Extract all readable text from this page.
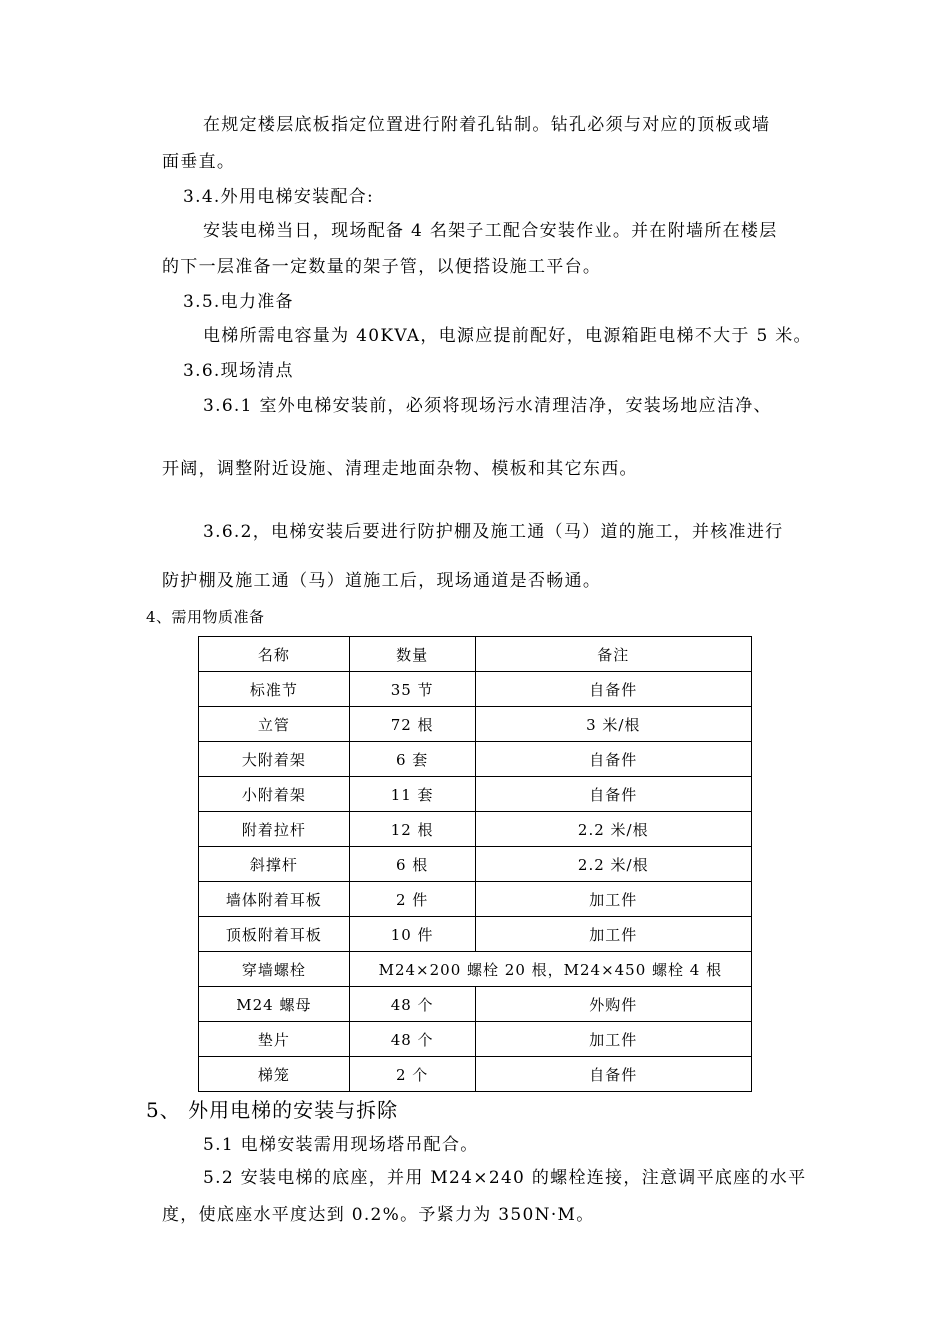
在规定楼层底板指定位置进行附着孔钻制。钻孔必须与对应的顶板或墙
面垂直。
3.4.外用电梯安装配合:
安装电梯当日，现场配备 4 名架子工配合安装作业。并在附墙所在楼层
的下一层准备一定数量的架子管，以便搭设施工平台。
3.5.电力准备
电梯所需电容量为 40KVA，电源应提前配好，电源箱距电梯不大于 5 米。
3.6.现场清点
3.6.1 室外电梯安装前，必须将现场污水清理洁净，安装场地应洁净、
开阔，调整附近设施、清理走地面杂物、模板和其它东西。
3.6.2，电梯安装后要进行防护棚及施工通（马）道的施工，并核准进行
防护棚及施工通（马）道施工后，现场通道是否畅通。
4、需用物质准备
名称	数量	备注
标准节	35 节	自备件
立管	72 根	3 米/根
大附着架	6 套	自备件
小附着架	11 套	自备件
附着拉杆	12 根	2.2 米/根
斜撑杆	6 根	2.2 米/根
墙体附着耳板	2 件	加工件
顶板附着耳板	10 件	加工件
穿墙螺栓	M24×200 螺栓 20 根，M24×450 螺栓 4 根	
M24 螺母	48 个	外购件
垫片	48 个	加工件
梯笼	2 个	自备件
5、 外用电梯的安装与拆除
5.1 电梯安装需用现场塔吊配合。
5.2 安装电梯的底座，并用 M24×240 的螺栓连接，注意调平底座的水平
度，使底座水平度达到 0.2%。予紧力为 350N·M。
